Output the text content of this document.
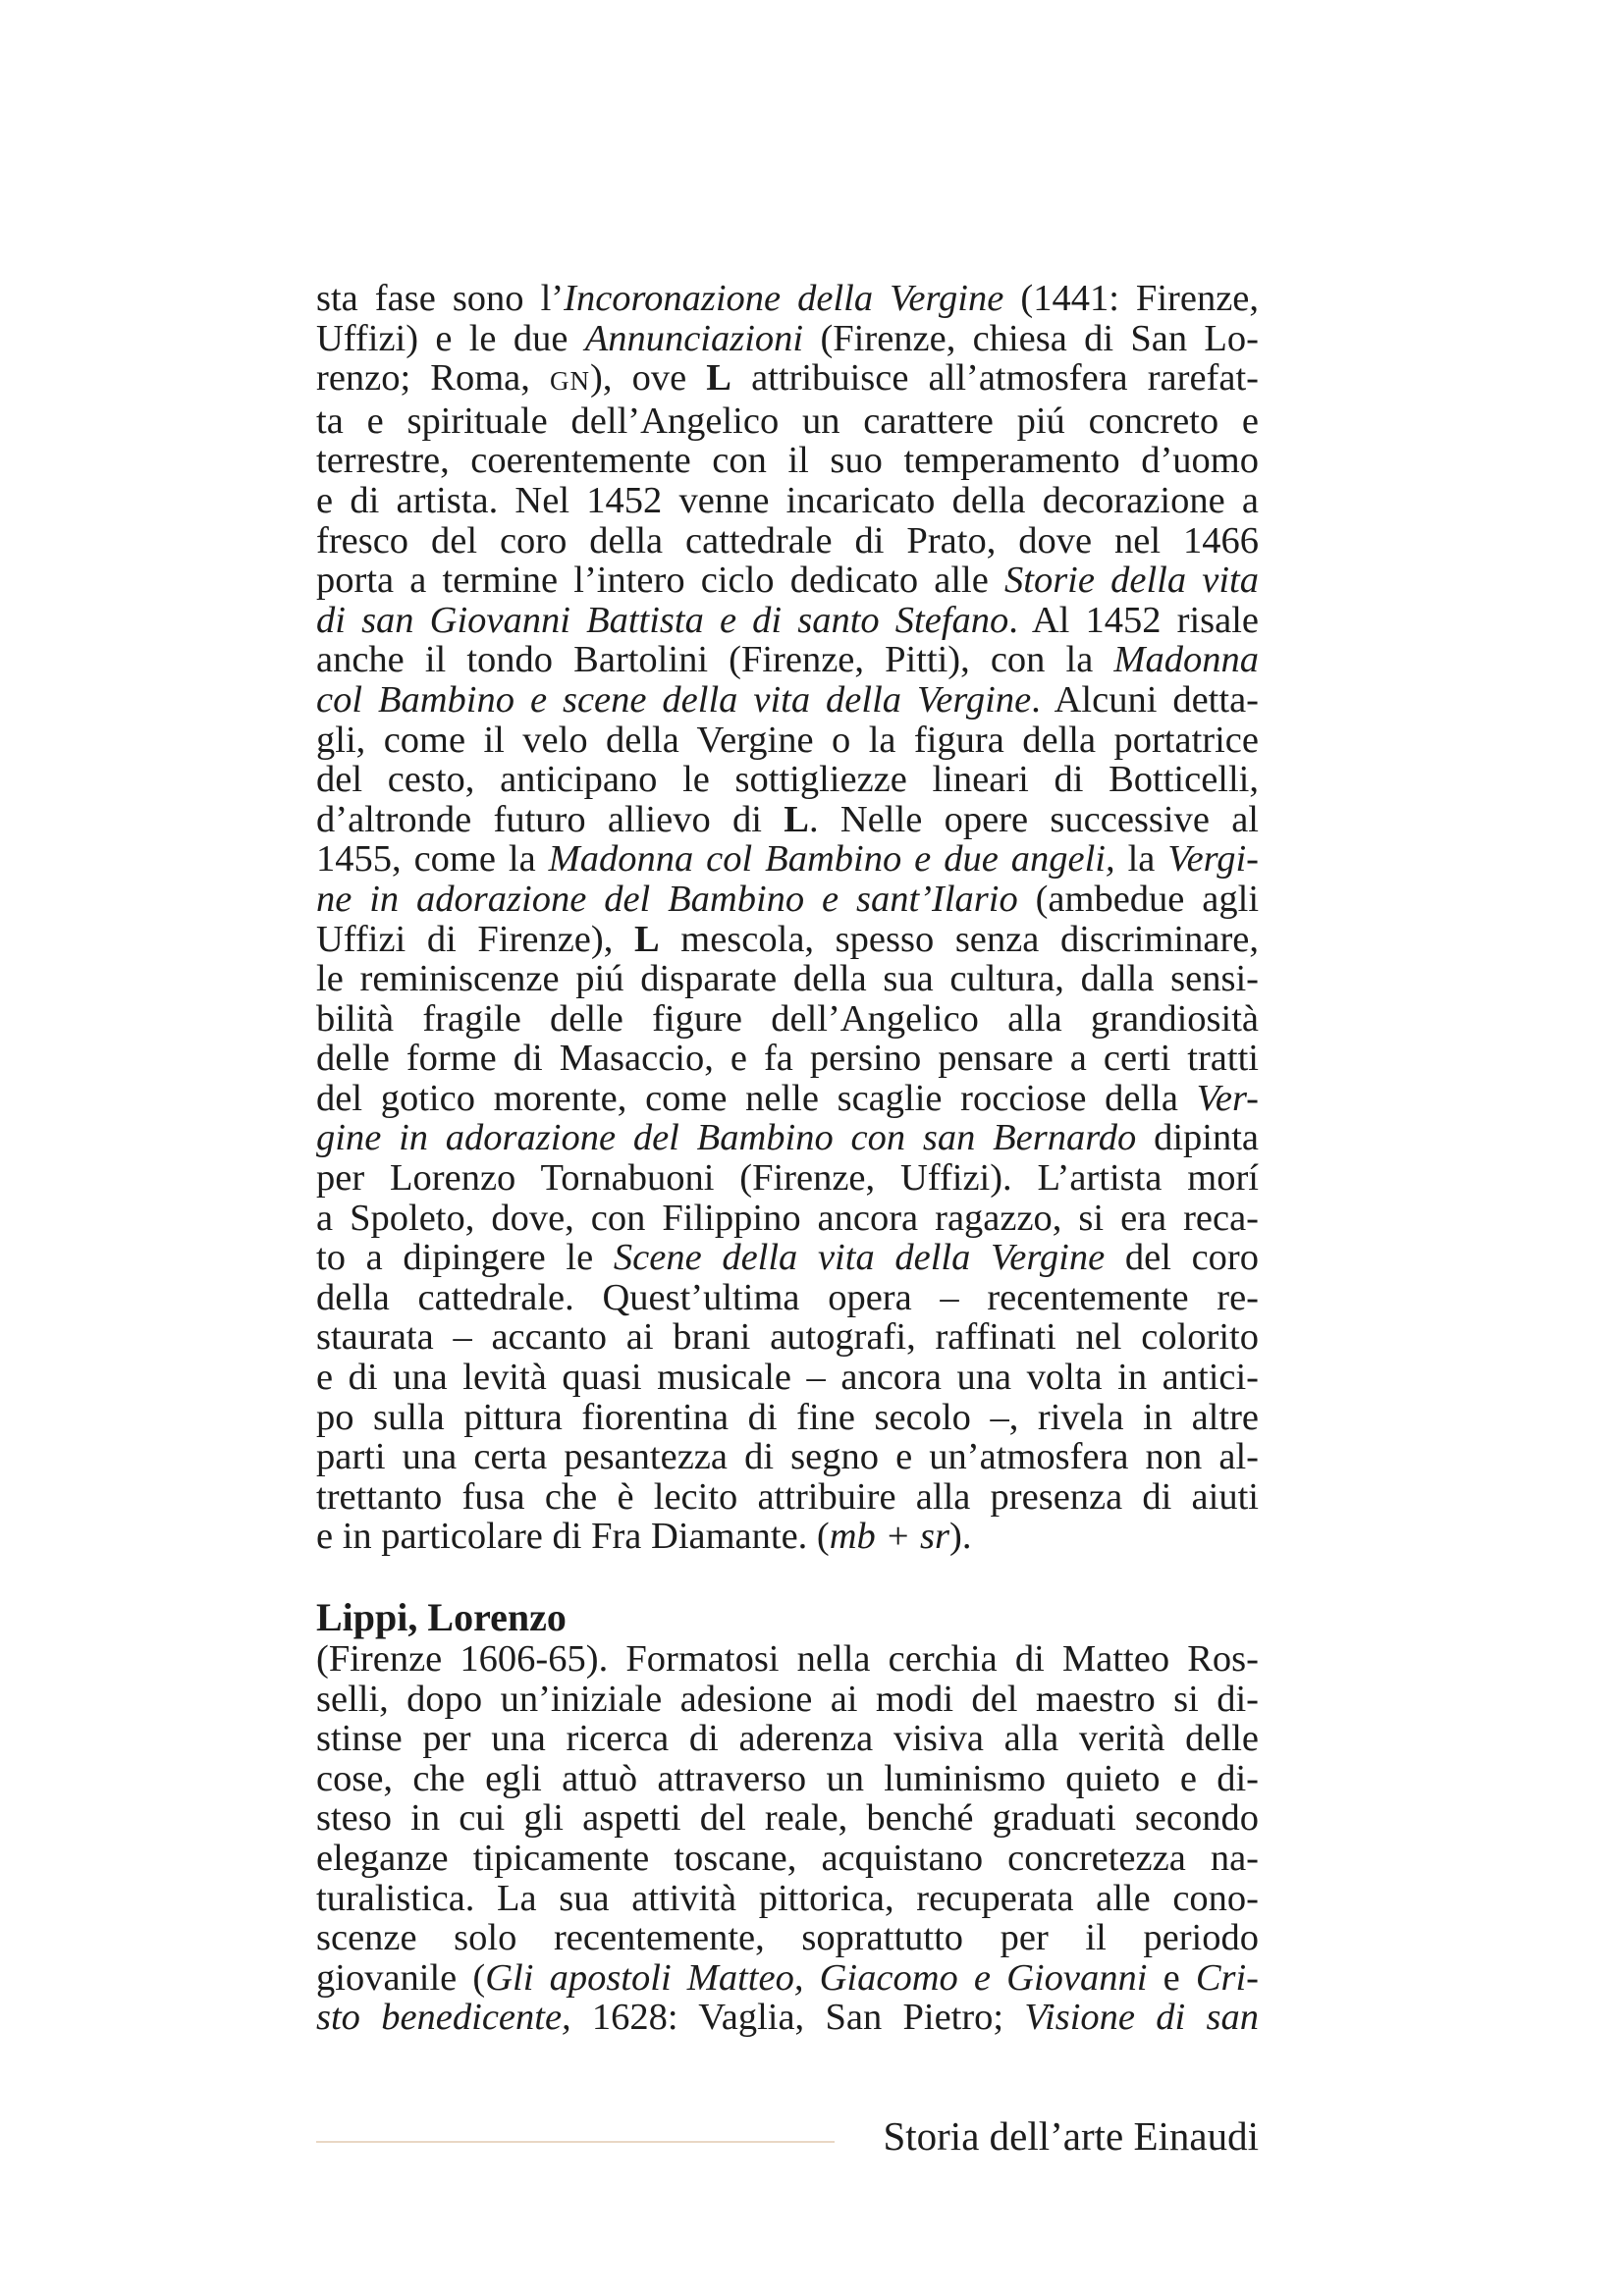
sta fase sono l’Incoronazione della Vergine (1441: Firenze,
Uffizi) e le due Annunciazioni (Firenze, chiesa di San Lo-
renzo; Roma, GN), ove L attribuisce all’atmosfera rarefat-
ta e spirituale dell’Angelico un carattere piú concreto e
terrestre, coerentemente con il suo temperamento d’uomo
e di artista. Nel 1452 venne incaricato della decorazione a
fresco del coro della cattedrale di Prato, dove nel 1466
porta a termine l’intero ciclo dedicato alle Storie della vita
di san Giovanni Battista e di santo Stefano. Al 1452 risale
anche il tondo Bartolini (Firenze, Pitti), con la Madonna
col Bambino e scene della vita della Vergine. Alcuni detta-
gli, come il velo della Vergine o la figura della portatrice
del cesto, anticipano le sottigliezze lineari di Botticelli,
d’altronde futuro allievo di L. Nelle opere successive al
1455, come la Madonna col Bambino e due angeli, la Vergi-
ne in adorazione del Bambino e sant’Ilario (ambedue agli
Uffizi di Firenze), L mescola, spesso senza discriminare,
le reminiscenze piú disparate della sua cultura, dalla sensi-
bilità fragile delle figure dell’Angelico alla grandiosità
delle forme di Masaccio, e fa persino pensare a certi tratti
del gotico morente, come nelle scaglie rocciose della Ver-
gine in adorazione del Bambino con san Bernardo dipinta
per Lorenzo Tornabuoni (Firenze, Uffizi). L’artista morí
a Spoleto, dove, con Filippino ancora ragazzo, si era reca-
to a dipingere le Scene della vita della Vergine del coro
della cattedrale. Quest’ultima opera – recentemente re-
staurata – accanto ai brani autografi, raffinati nel colorito
e di una levità quasi musicale – ancora una volta in antici-
po sulla pittura fiorentina di fine secolo –, rivela in altre
parti una certa pesantezza di segno e un’atmosfera non al-
trettanto fusa che è lecito attribuire alla presenza di aiuti
e in particolare di Fra Diamante. (mb + sr).
Lippi, Lorenzo
(Firenze 1606-65). Formatosi nella cerchia di Matteo Ros-
selli, dopo un’iniziale adesione ai modi del maestro si di-
stinse per una ricerca di aderenza visiva alla verità delle
cose, che egli attuò attraverso un luminismo quieto e di-
steso in cui gli aspetti del reale, benché graduati secondo
eleganze tipicamente toscane, acquistano concretezza na-
turalistica. La sua attività pittorica, recuperata alle cono-
scenze solo recentemente, soprattutto per il periodo
giovanile (Gli apostoli Matteo, Giacomo e Giovanni e Cri-
sto benedicente, 1628: Vaglia, San Pietro; Visione di san
Storia dell’arte Einaudi
